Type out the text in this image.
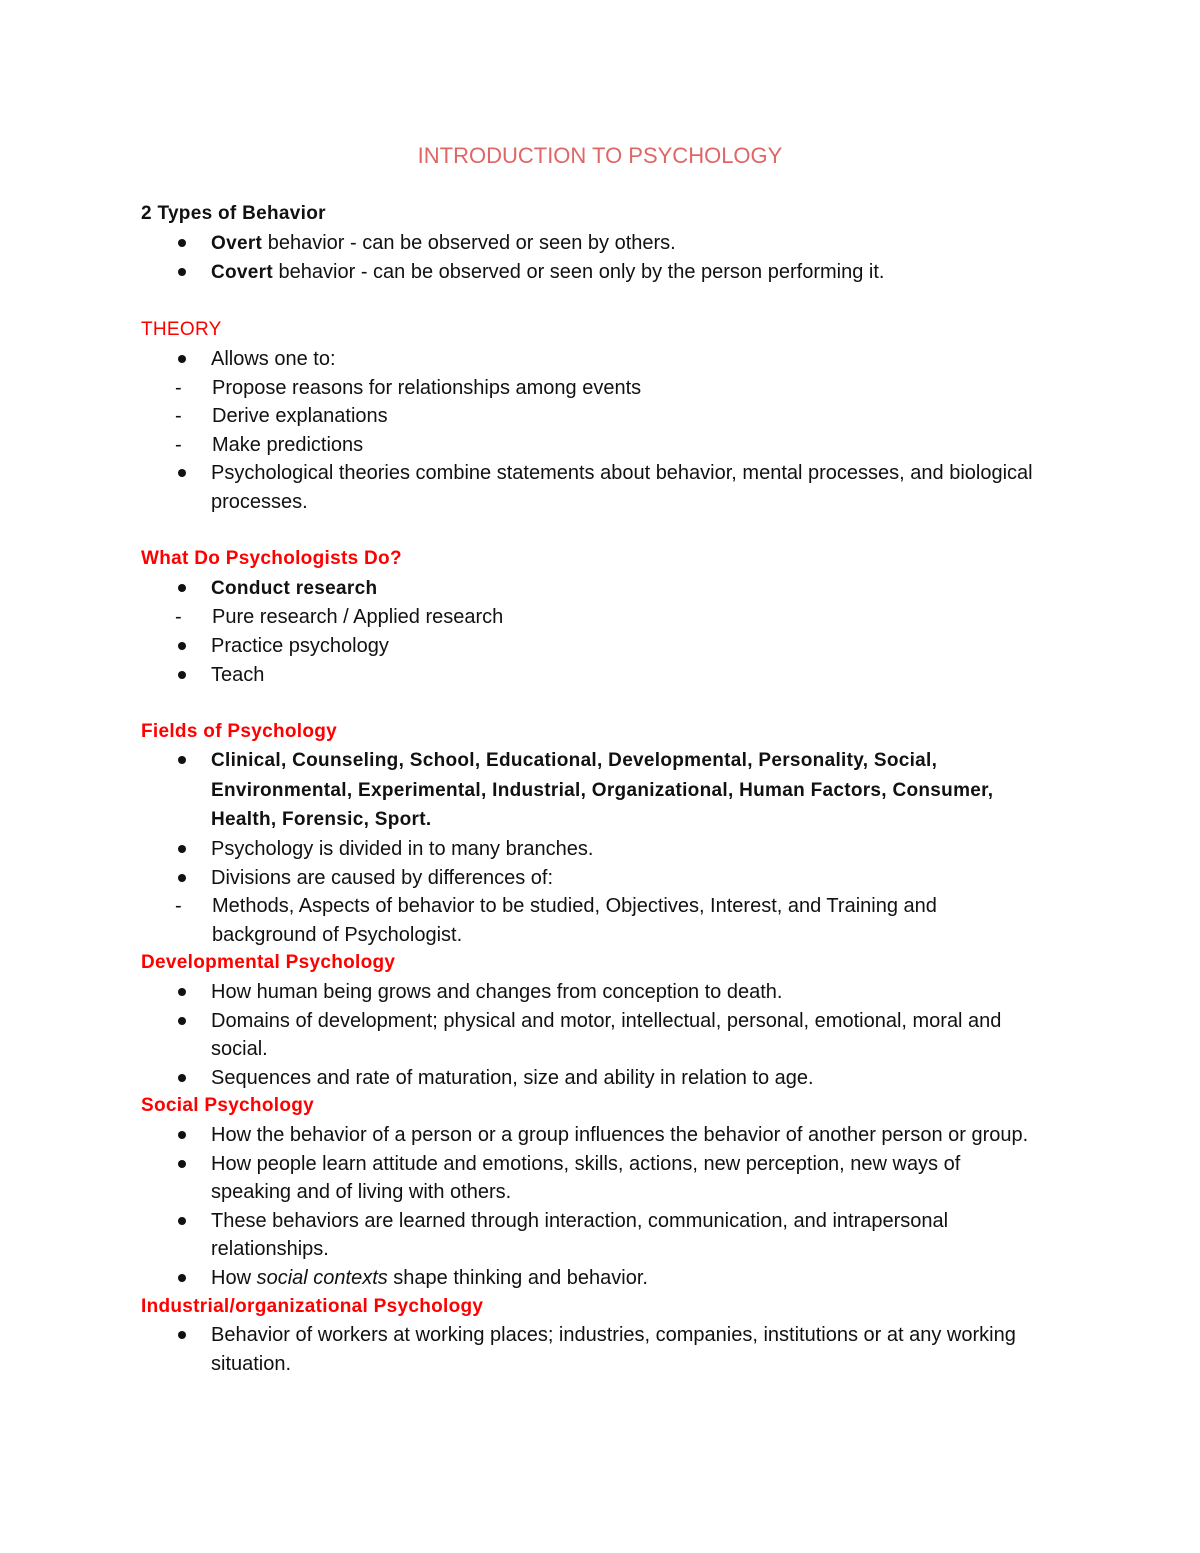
INTRODUCTION TO PSYCHOLOGY

2 Types of Behavior

Overt behavior - can be observed or seen by others.
Covert behavior - can be observed or seen only by the person performing it.

THEORY

Allows one to:
- Propose reasons for relationships among events
- Derive explanations
- Make predictions
Psychological theories combine statements about behavior, mental processes, and biological processes.

What Do Psychologists Do?

Conduct research
- Pure research / Applied research
Practice psychology
Teach

Fields of Psychology

Clinical, Counseling, School, Educational, Developmental, Personality, Social, Environmental, Experimental, Industrial, Organizational, Human Factors, Consumer, Health, Forensic, Sport.
Psychology is divided in to many branches.
Divisions are caused by differences of:
- Methods, Aspects of behavior to be studied, Objectives, Interest, and Training and background of Psychologist.

Developmental Psychology

How human being grows and changes from conception to death.
Domains of development; physical and motor, intellectual, personal, emotional, moral and social.
Sequences and rate of maturation, size and ability in relation to age.

Social Psychology

How the behavior of a person or a group influences the behavior of another person or group.
How people learn attitude and emotions, skills, actions, new perception, new ways of speaking and of living with others.
These behaviors are learned through interaction, communication, and intrapersonal relationships.
How social contexts shape thinking and behavior.

Industrial/organizational Psychology

Behavior of workers at working places; industries, companies, institutions or at any working situation.
